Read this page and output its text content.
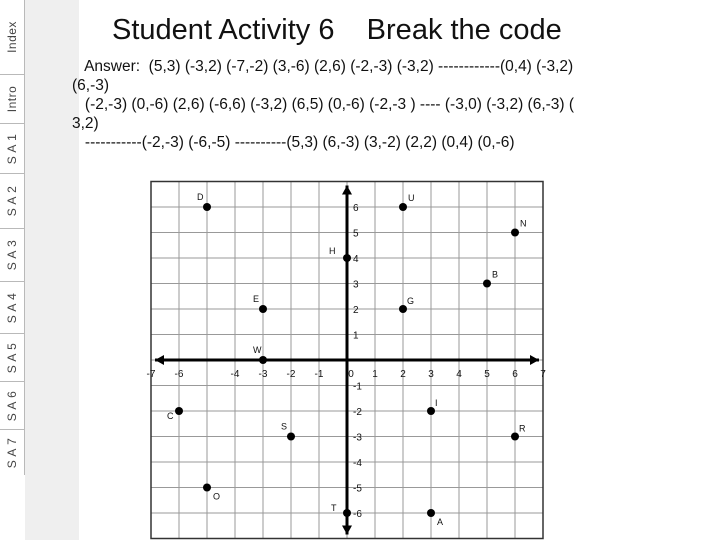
Index
Intro
S A 1
S A 2
S A 3
S A 4
S A 5
S A 6
S A 7
Student Activity 6    Break the code
Answer:  (5,3) (-3,2) (-7,-2) (3,-6) (2,6) (-2,-3) (-3,2) ------------(0,4) (-3,2)
(6,-3)
(-2,-3) (0,-6) (2,6) (-6,6) (-3,2) (6,5) (0,-6) (-2,-3 ) ---- (-3,0) (-3,2) (6,-3) (
3,2)
-----------(-2,-3) (-6,-5) ----------(5,3) (6,-3) (3,-2) (2,2) (0,4) (0,-6)
-7 -6	-4 -3 -2 -1 0 1 2 3 4 5 6 7
6
5
4
3
2
1
-1
-2
-3
-4
-5
-6
D	U
N
H
B
E	G
W
C
I
S	R
O
T
A
